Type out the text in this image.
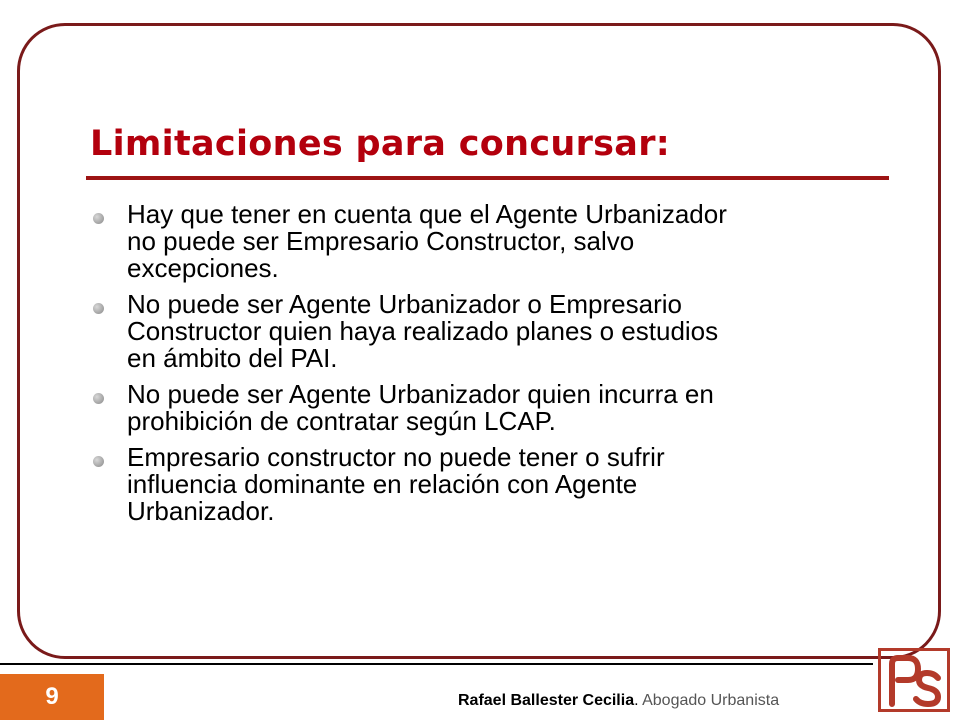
Limitaciones para concursar:
Hay que tener en cuenta que el Agente Urbanizador
no puede ser Empresario Constructor, salvo
excepciones.
No puede ser Agente Urbanizador o Empresario
Constructor quien haya realizado planes o estudios
en ámbito del PAI.
No puede ser Agente Urbanizador quien incurra en
prohibición de contratar según LCAP.
Empresario constructor no puede tener o sufrir
influencia dominante en relación con Agente
Urbanizador.
9	Rafael Ballester Cecilia. Abogado Urbanista
